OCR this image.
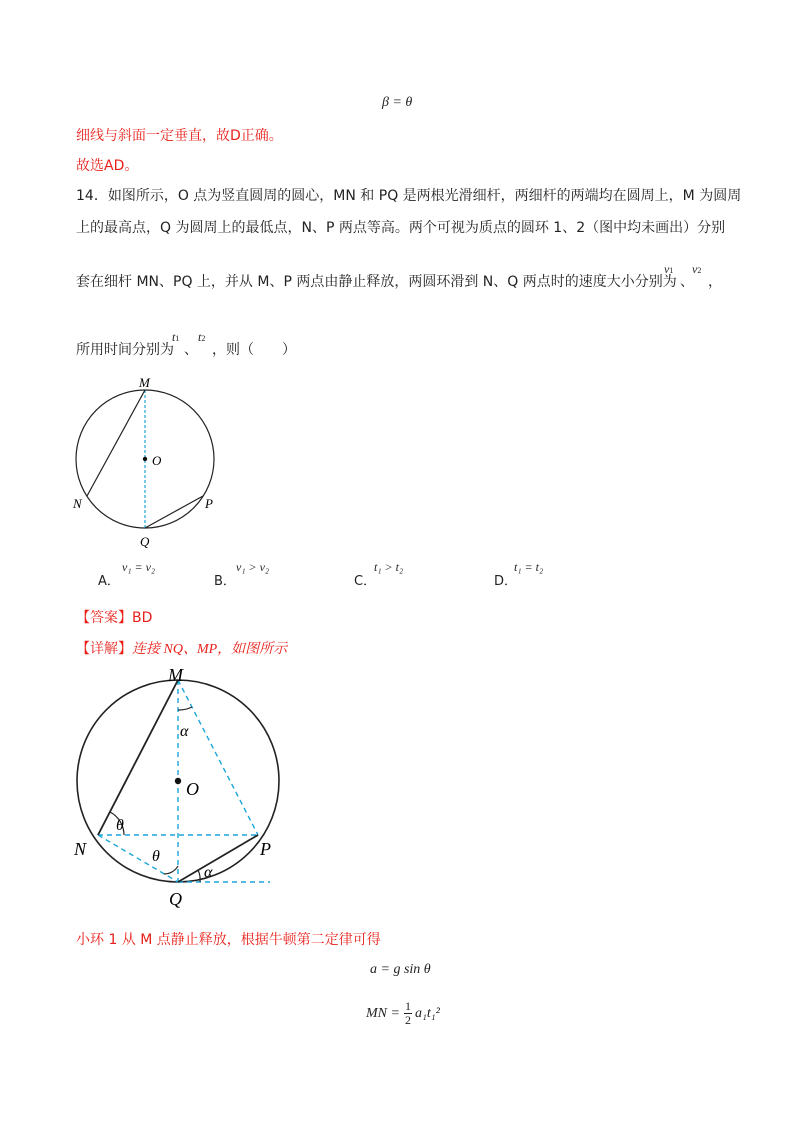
β = θ
细线与斜面一定垂直，故D正确。
故选AD。
14．如图所示，O 点为竖直圆周的圆心，MN 和 PQ 是两根光滑细杆，两细杆的两端均在圆周上，M 为圆周
上的最高点，Q 为圆周上的最低点，N、P 两点等高。两个可视为质点的圆环 1、2（图中均未画出）分别
套在细杆 MN、PQ 上，并从 M、P 两点由静止释放，两圆环滑到 N、Q 两点时的速度大小分别为
v1
、
v2
，
所用时间分别为
t1
、
t2
，则（　　）
M
O
N	P
Q
A．
v₁ = v₂
B．
v₁ > v₂
C．
t₁ > t₂
D．
t₁ = t₂
【答案】BD
【详解】连接 NQ、MP，如图所示
M
O
N	P
Q
α
θ
θ
α
小环 1 从 M 点静止释放，根据牛顿第二定律可得
a = g sin θ
MN = 1
2 a₁t₁²
